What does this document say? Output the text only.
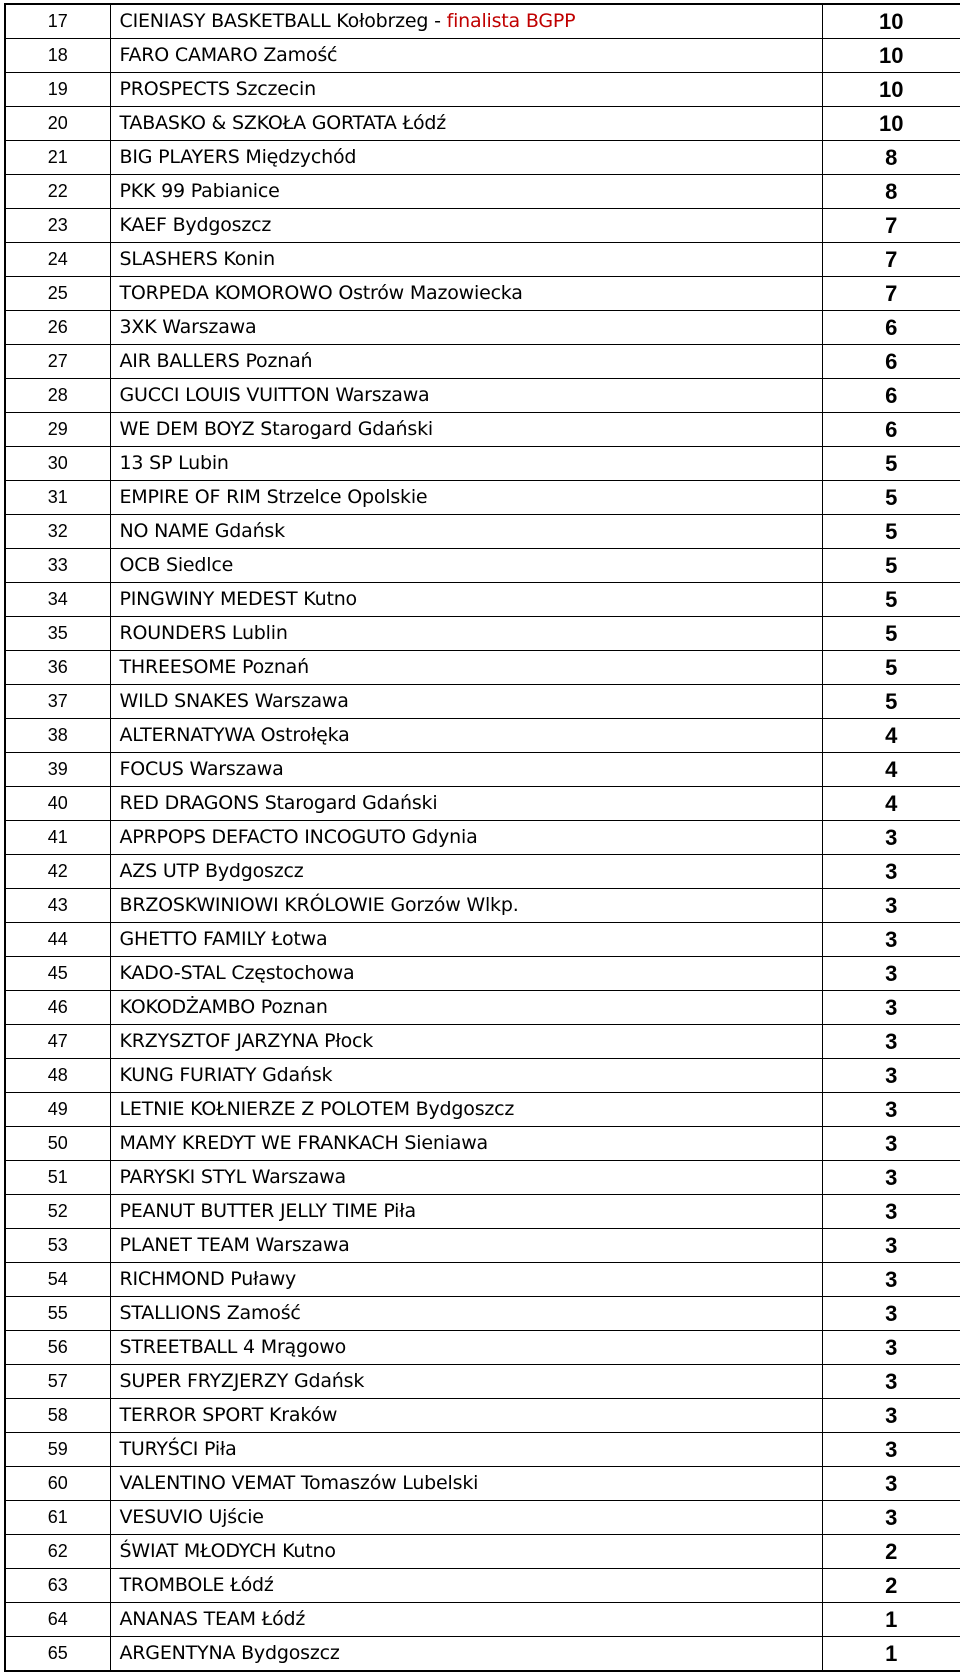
17	CIENIASY BASKETBALL Kołobrzeg - finalista BGPP	10
18	FARO CAMARO Zamość	10
19	PROSPECTS Szczecin	10
20	TABASKO & SZKOŁA GORTATA Łódź	10
21	BIG PLAYERS Międzychód	8
22	PKK 99 Pabianice	8
23	KAEF Bydgoszcz	7
24	SLASHERS Konin	7
25	TORPEDA KOMOROWO Ostrów Mazowiecka	7
26	3XK Warszawa	6
27	AIR BALLERS Poznań	6
28	GUCCI LOUIS VUITTON Warszawa	6
29	WE DEM BOYZ Starogard Gdański	6
30	13 SP Lubin	5
31	EMPIRE OF RIM Strzelce Opolskie	5
32	NO NAME Gdańsk	5
33	OCB Siedlce	5
34	PINGWINY MEDEST Kutno	5
35	ROUNDERS Lublin	5
36	THREESOME Poznań	5
37	WILD SNAKES Warszawa	5
38	ALTERNATYWA Ostrołęka	4
39	FOCUS Warszawa	4
40	RED DRAGONS Starogard Gdański	4
41	APRPOPS DEFACTO INCOGUTO Gdynia	3
42	AZS UTP Bydgoszcz	3
43	BRZOSKWINIOWI KRÓLOWIE Gorzów Wlkp.	3
44	GHETTO FAMILY Łotwa	3
45	KADO-STAL Częstochowa	3
46	KOKODŻAMBO Poznan	3
47	KRZYSZTOF JARZYNA Płock	3
48	KUNG FURIATY Gdańsk	3
49	LETNIE KOŁNIERZE Z POLOTEM Bydgoszcz	3
50	MAMY KREDYT WE FRANKACH Sieniawa	3
51	PARYSKI STYL Warszawa	3
52	PEANUT BUTTER JELLY TIME Piła	3
53	PLANET TEAM Warszawa	3
54	RICHMOND Puławy	3
55	STALLIONS Zamość	3
56	STREETBALL 4 Mrągowo	3
57	SUPER FRYZJERZY Gdańsk	3
58	TERROR SPORT Kraków	3
59	TURYŚCI Piła	3
60	VALENTINO VEMAT Tomaszów Lubelski	3
61	VESUVIO Ujście	3
62	ŚWIAT MŁODYCH Kutno	2
63	TROMBOLE Łódź	2
64	ANANAS TEAM Łódź	1
65	ARGENTYNA Bydgoszcz	1
